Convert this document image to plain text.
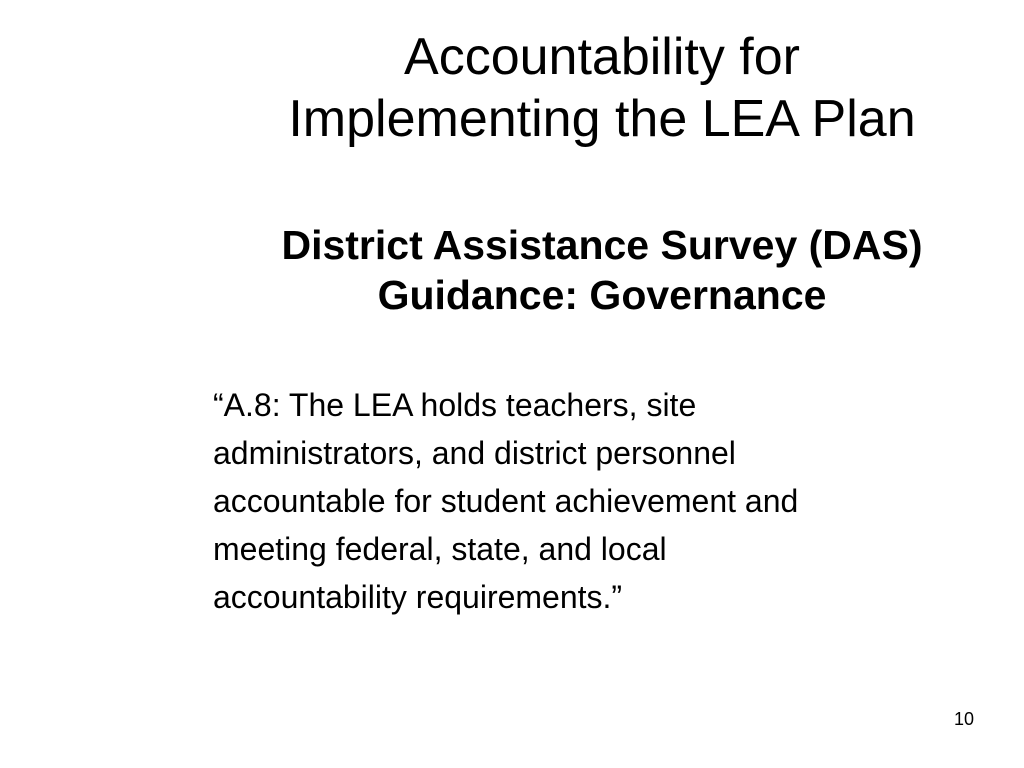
Accountability for
Implementing the LEA Plan
District Assistance Survey (DAS)
Guidance: Governance

“A.8: The LEA holds teachers, site
administrators, and district personnel
accountable for student achievement and
meeting federal, state, and local
accountability requirements.”

10
